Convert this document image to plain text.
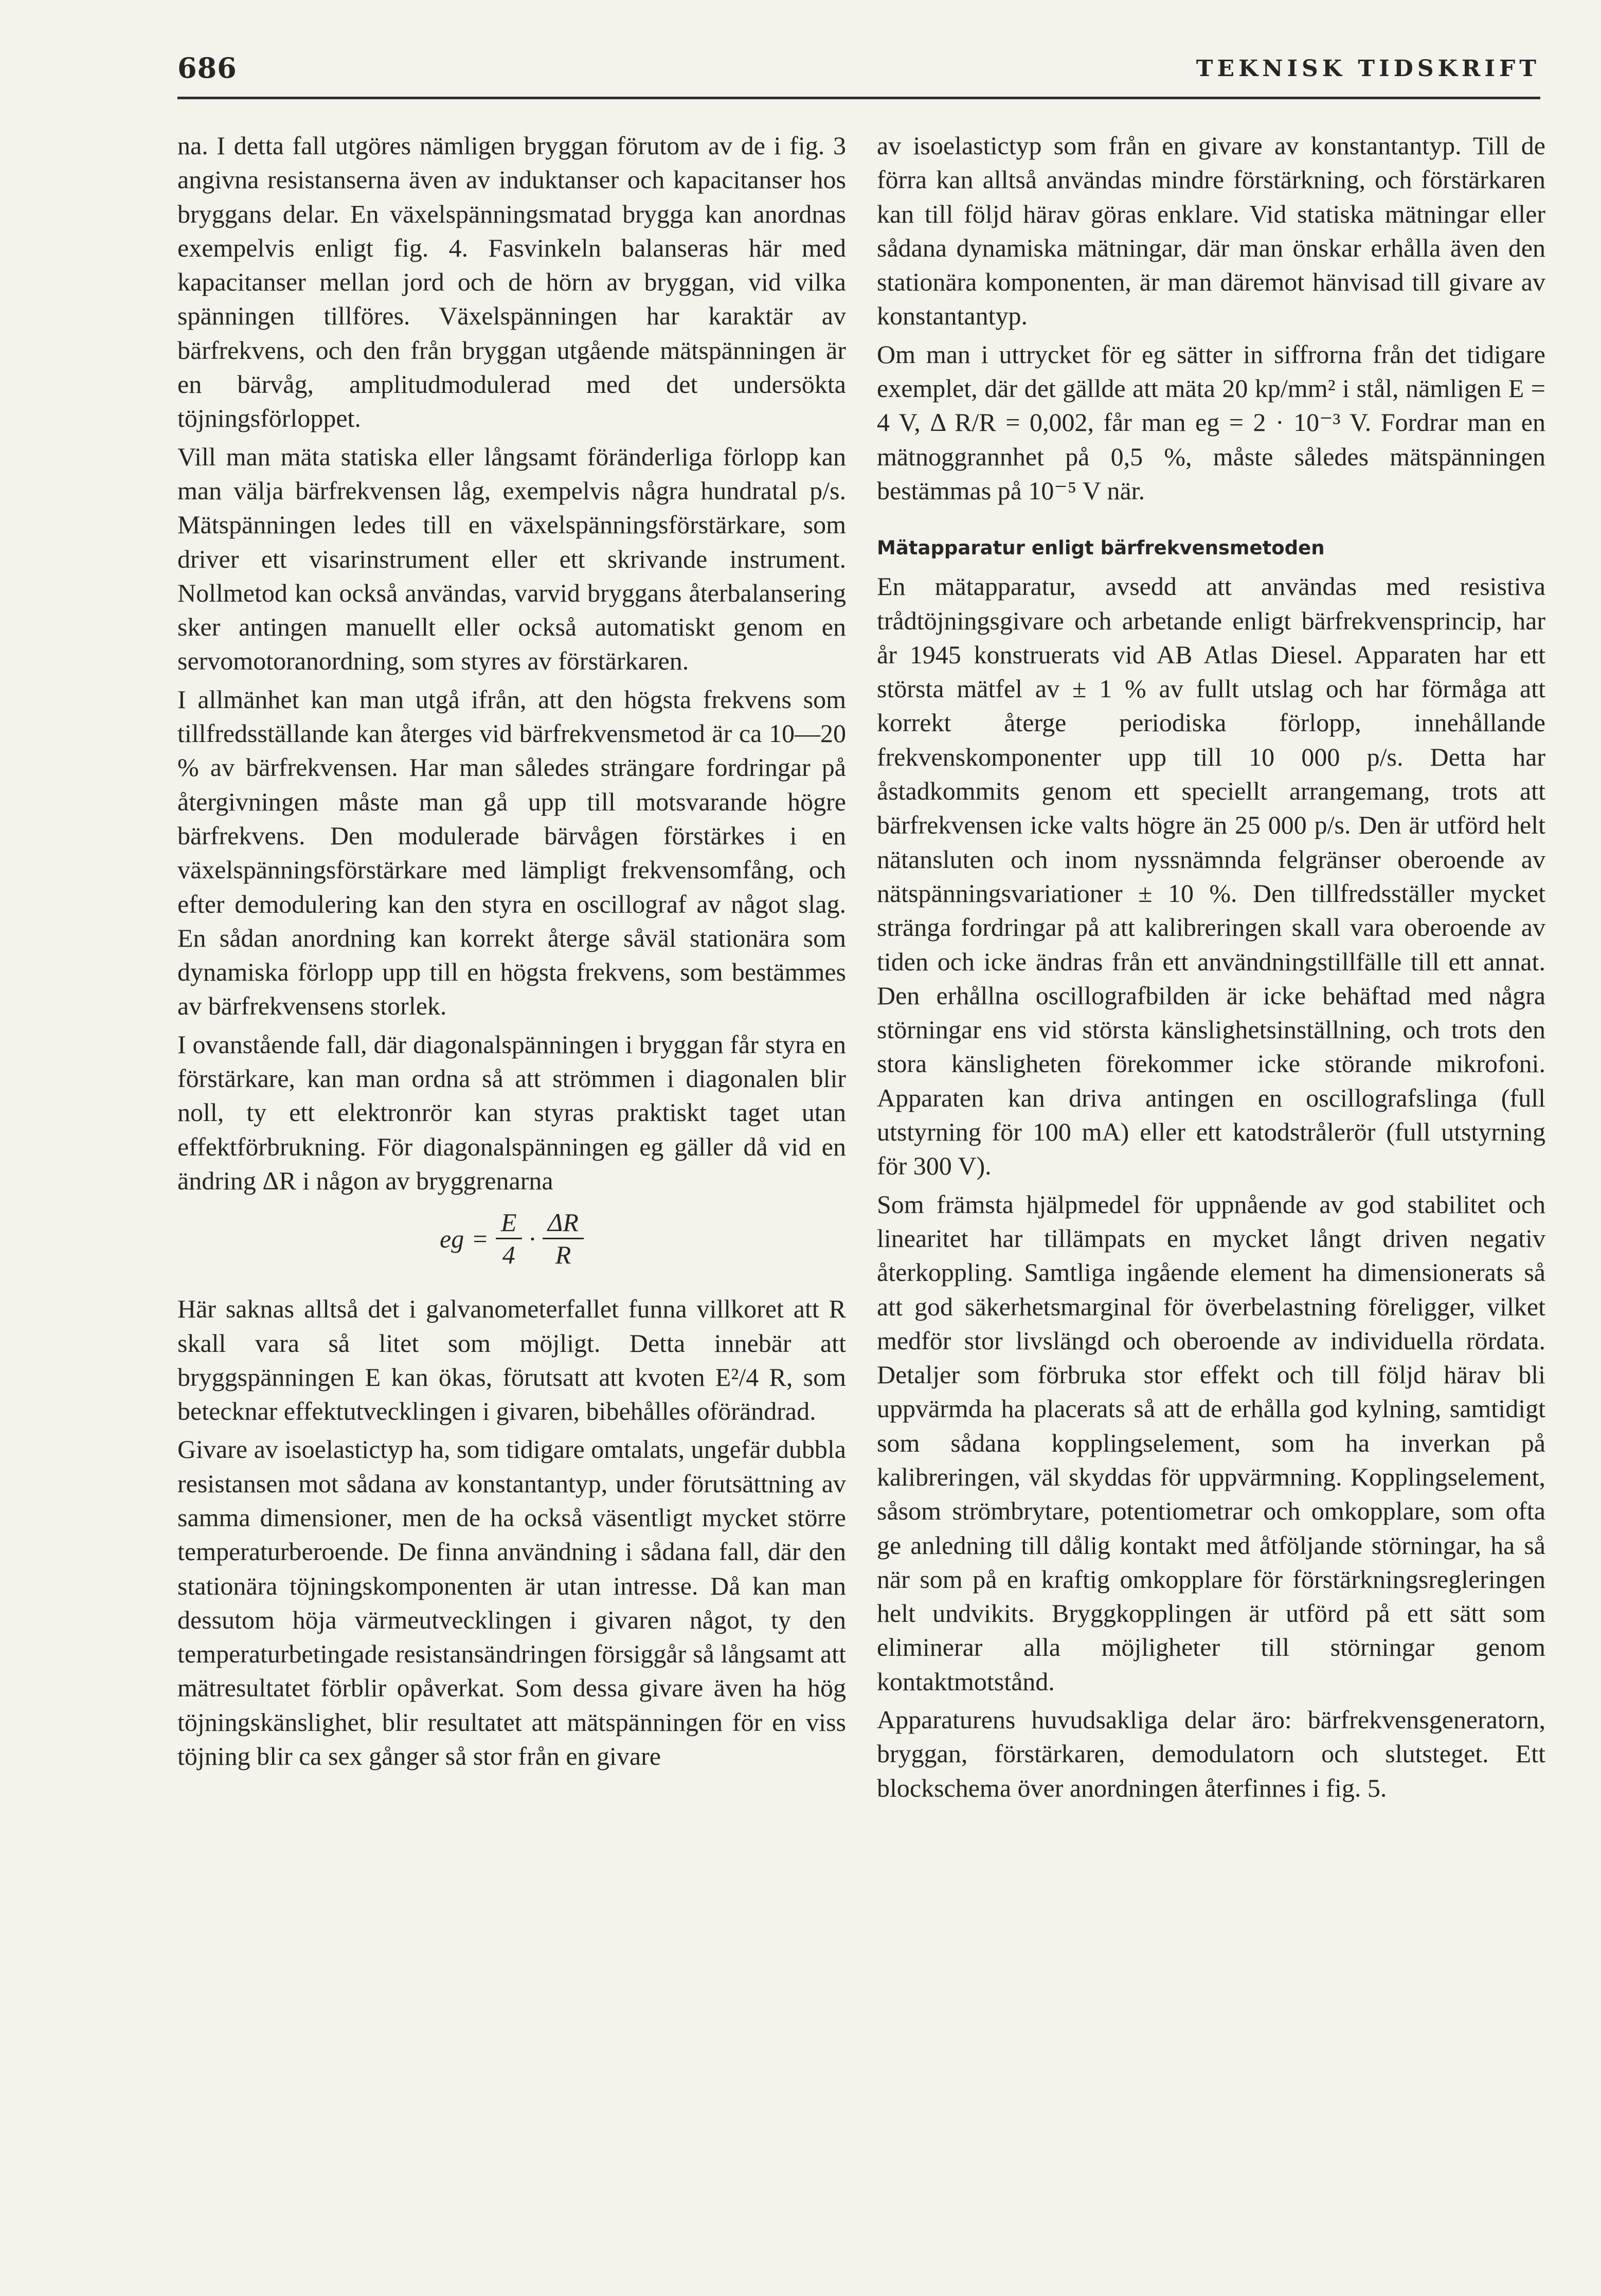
686	TEKNISK TIDSKRIFT

na. I detta fall utgöres nämligen bryggan förutom av de i fig. 3 angivna resistanserna även av induktanser och kapacitanser hos bryggans delar. En växelspänningsmatad brygga kan anordnas exempelvis enligt fig. 4. Fasvinkeln balanseras här med kapacitanser mellan jord och de hörn av bryggan, vid vilka spänningen tillföres. Växelspänningen har karaktär av bärfrekvens, och den från bryggan utgående mätspänningen är en bärvåg, amplitudmodulerad med det undersökta töjningsförloppet.

Vill man mäta statiska eller långsamt föränderliga förlopp kan man välja bärfrekvensen låg, exempelvis några hundratal p/s. Mätspänningen ledes till en växelspänningsförstärkare, som driver ett visarinstrument eller ett skrivande instrument. Nollmetod kan också användas, varvid bryggans återbalansering sker antingen manuellt eller också automatiskt genom en servomotoranordning, som styres av förstärkaren.

I allmänhet kan man utgå ifrån, att den högsta frekvens som tillfredsställande kan återges vid bärfrekvensmetod är ca 10—20 % av bärfrekvensen. Har man således strängare fordringar på återgivningen måste man gå upp till motsvarande högre bärfrekvens. Den modulerade bärvågen förstärkes i en växelspänningsförstärkare med lämpligt frekvensomfång, och efter demodulering kan den styra en oscillograf av något slag. En sådan anordning kan korrekt återge såväl stationära som dynamiska förlopp upp till en högsta frekvens, som bestämmes av bärfrekvensens storlek.

I ovanstående fall, där diagonalspänningen i bryggan får styra en förstärkare, kan man ordna så att strömmen i diagonalen blir noll, ty ett elektronrör kan styras praktiskt taget utan effektförbrukning. För diagonalspänningen eg gäller då vid en ändring ΔR i någon av bryggrenarna

eg = $\frac{E}{4} \cdot \frac{\Delta R}{R}$

Här saknas alltså det i galvanometerfallet funna villkoret att R skall vara så litet som möjligt. Detta innebär att bryggspänningen E kan ökas, förutsatt att kvoten E²/4 R, som betecknar effektutvecklingen i givaren, bibehålles oförändrad.

Givare av isoelastictyp ha, som tidigare omtalats, ungefär dubbla resistansen mot sådana av konstantantyp, under förutsättning av samma dimensioner, men de ha också väsentligt mycket större temperaturberoende. De finna användning i sådana fall, där den stationära töjningskomponenten är utan intresse. Då kan man dessutom höja värmeutvecklingen i givaren något, ty den temperaturbetingade resistansändringen försiggår så långsamt att mätresultatet förblir opåverkat. Som dessa givare även ha hög töjningskänslighet, blir resultatet att mätspänningen för en viss töjning blir ca sex gånger så stor från en givare

av isoelastictyp som från en givare av konstantantyp. Till de förra kan alltså användas mindre förstärkning, och förstärkaren kan till följd härav göras enklare. Vid statiska mätningar eller sådana dynamiska mätningar, där man önskar erhålla även den stationära komponenten, är man däremot hänvisad till givare av konstantantyp.

Om man i uttrycket för eg sätter in siffrorna från det tidigare exemplet, där det gällde att mäta 20 kp/mm² i stål, nämligen E = 4 V, Δ R/R = 0,002, får man eg = 2 · 10⁻³ V. Fordrar man en mätnoggrannhet på 0,5 %, måste således mätspänningen bestämmas på 10⁻⁵ V när.

Mätapparatur enligt bärfrekvensmetoden

En mätapparatur, avsedd att användas med resistiva trådtöjningsgivare och arbetande enligt bärfrekvensprincip, har år 1945 konstruerats vid AB Atlas Diesel. Apparaten har ett största mätfel av ± 1 % av fullt utslag och har förmåga att korrekt återge periodiska förlopp, innehållande frekvenskomponenter upp till 10 000 p/s. Detta har åstadkommits genom ett speciellt arrangemang, trots att bärfrekvensen icke valts högre än 25 000 p/s. Den är utförd helt nätansluten och inom nyssnämnda felgränser oberoende av nätspänningsvariationer ± 10 %. Den tillfredsställer mycket stränga fordringar på att kalibreringen skall vara oberoende av tiden och icke ändras från ett användningstillfälle till ett annat. Den erhållna oscillografbilden är icke behäftad med några störningar ens vid största känslighetsinställning, och trots den stora känsligheten förekommer icke störande mikrofoni. Apparaten kan driva antingen en oscillografslinga (full utstyrning för 100 mA) eller ett katodstrålerör (full utstyrning för 300 V).

Som främsta hjälpmedel för uppnående av god stabilitet och linearitet har tillämpats en mycket långt driven negativ återkoppling. Samtliga ingående element ha dimensionerats så att god säkerhetsmarginal för överbelastning föreligger, vilket medför stor livslängd och oberoende av individuella rördata. Detaljer som förbruka stor effekt och till följd härav bli uppvärmda ha placerats så att de erhålla god kylning, samtidigt som sådana kopplingselement, som ha inverkan på kalibreringen, väl skyddas för uppvärmning. Kopplingselement, såsom strömbrytare, potentiometrar och omkopplare, som ofta ge anledning till dålig kontakt med åtföljande störningar, ha så när som på en kraftig omkopplare för förstärkningsregleringen helt undvikits. Bryggkopplingen är utförd på ett sätt som eliminerar alla möjligheter till störningar genom kontaktmotstånd.

Apparaturens huvudsakliga delar äro: bärfrekvensgeneratorn, bryggan, förstärkaren, demodulatorn och slutsteget. Ett blockschema över anordningen återfinnes i fig. 5.
